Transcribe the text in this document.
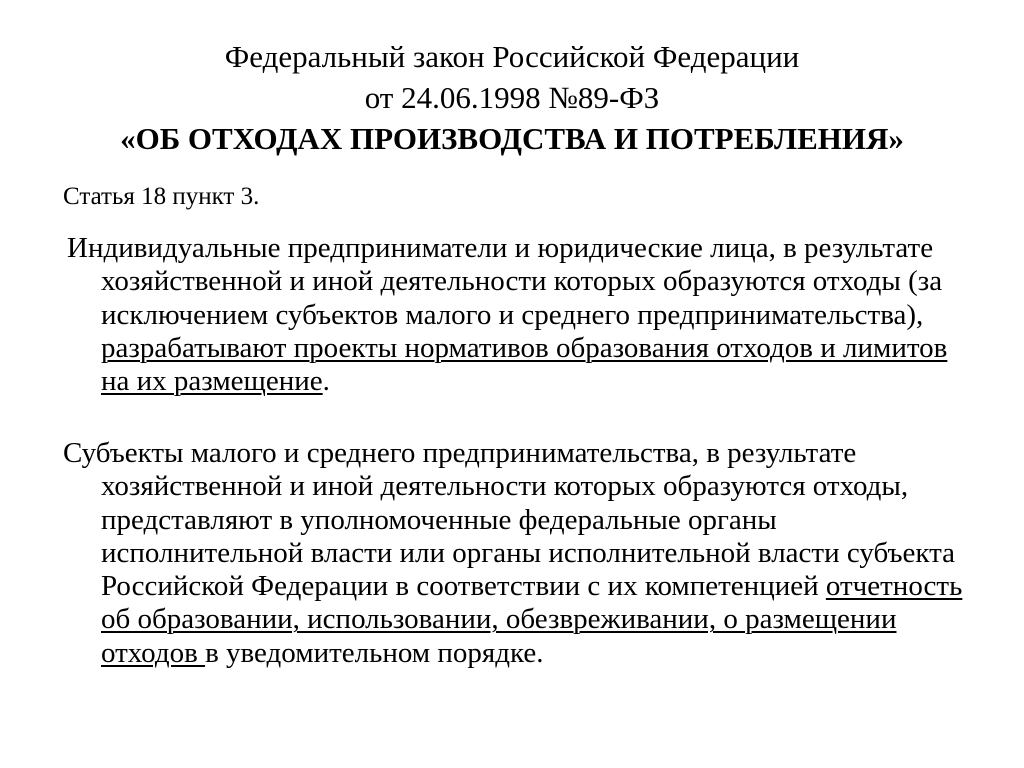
Федеральный закон Российской Федерации
от 24.06.1998 №89-ФЗ
«ОБ ОТХОДАХ ПРОИЗВОДСТВА И ПОТРЕБЛЕНИЯ»
Статья 18 пункт 3.

Индивидуальные предприниматели и юридические лица, в результате хозяйственной и иной деятельности которых образуются отходы (за исключением субъектов малого и среднего предпринимательства), разрабатывают проекты нормативов образования отходов и лимитов на их размещение.

Субъекты малого и среднего предпринимательства, в результате хозяйственной и иной деятельности которых образуются отходы, представляют в уполномоченные федеральные органы исполнительной власти или органы исполнительной власти субъекта Российской Федерации в соответствии с их компетенцией отчетность об образовании, использовании, обезвреживании, о размещении отходов в уведомительном порядке.
